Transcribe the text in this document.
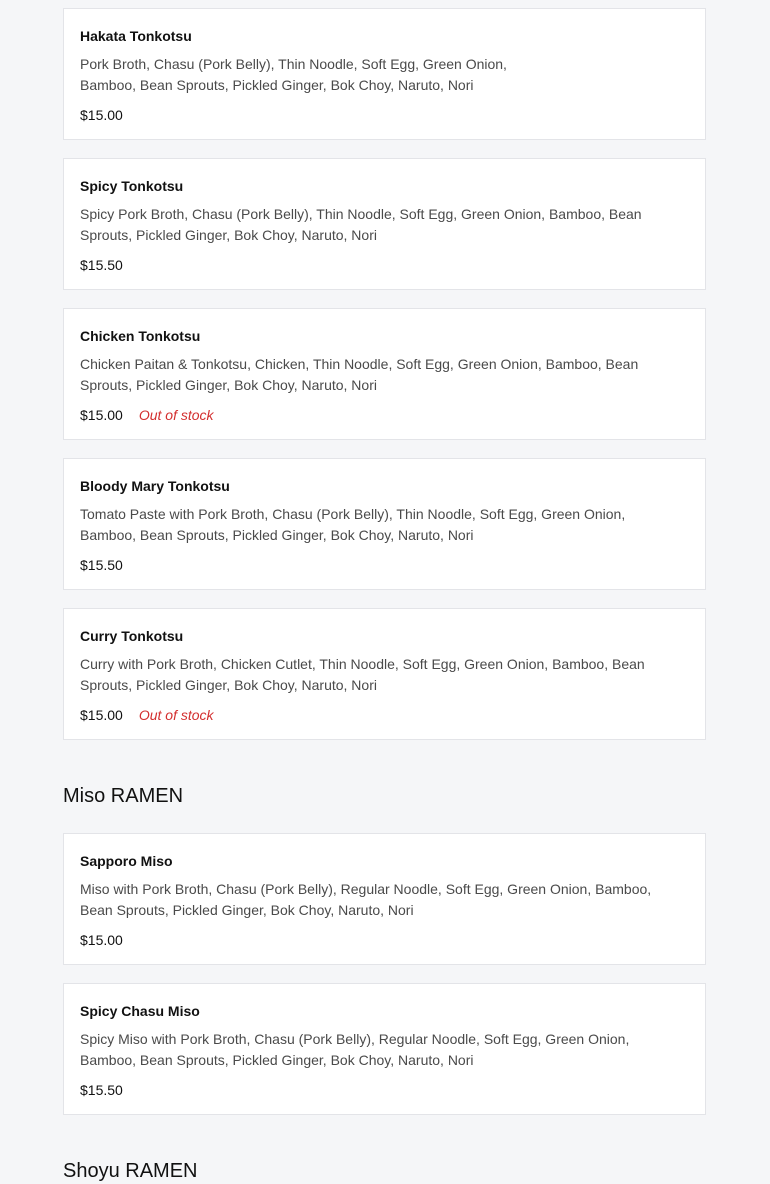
Hakata Tonkotsu
Pork Broth, Chasu (Pork Belly), Thin Noodle, Soft Egg, Green Onion,
Bamboo, Bean Sprouts, Pickled Ginger, Bok Choy, Naruto, Nori
$15.00
Spicy Tonkotsu
Spicy Pork Broth, Chasu (Pork Belly), Thin Noodle, Soft Egg, Green Onion, Bamboo, Bean
Sprouts, Pickled Ginger, Bok Choy, Naruto, Nori
$15.50
Chicken Tonkotsu
Chicken Paitan & Tonkotsu, Chicken, Thin Noodle, Soft Egg, Green Onion, Bamboo, Bean
Sprouts, Pickled Ginger, Bok Choy, Naruto, Nori
$15.00 Out of stock
Bloody Mary Tonkotsu
Tomato Paste with Pork Broth, Chasu (Pork Belly), Thin Noodle, Soft Egg, Green Onion,
Bamboo, Bean Sprouts, Pickled Ginger, Bok Choy, Naruto, Nori
$15.50
Curry Tonkotsu
Curry with Pork Broth, Chicken Cutlet, Thin Noodle, Soft Egg, Green Onion, Bamboo, Bean
Sprouts, Pickled Ginger, Bok Choy, Naruto, Nori
$15.00 Out of stock
Miso RAMEN
Sapporo Miso
Miso with Pork Broth, Chasu (Pork Belly), Regular Noodle, Soft Egg, Green Onion, Bamboo,
Bean Sprouts, Pickled Ginger, Bok Choy, Naruto, Nori
$15.00
Spicy Chasu Miso
Spicy Miso with Pork Broth, Chasu (Pork Belly), Regular Noodle, Soft Egg, Green Onion,
Bamboo, Bean Sprouts, Pickled Ginger, Bok Choy, Naruto, Nori
$15.50
Shoyu RAMEN
